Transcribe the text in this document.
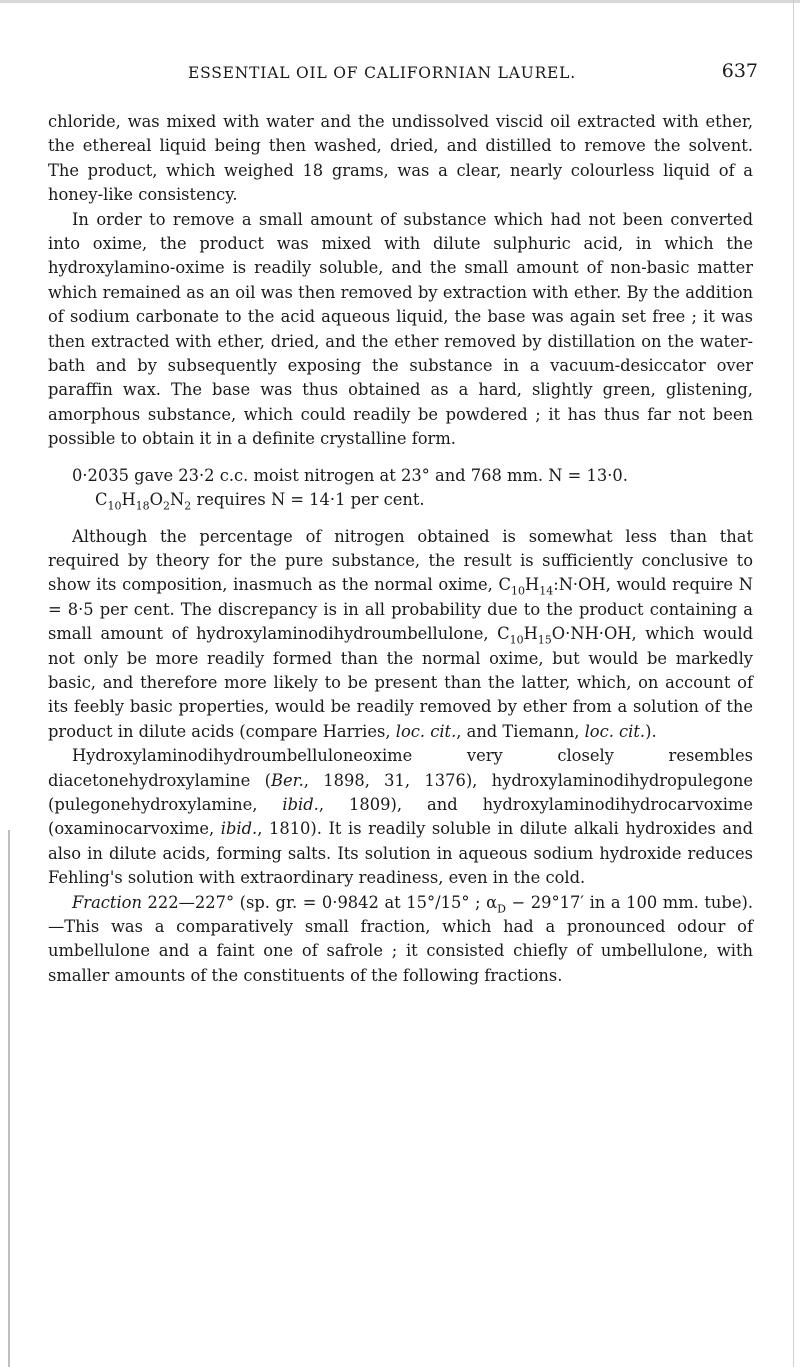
ESSENTIAL OIL OF CALIFORNIAN LAUREL.	637

chloride, was mixed with water and the undissolved viscid oil extracted with ether, the ethereal liquid being then washed, dried, and distilled to remove the solvent. The product, which weighed 18 grams, was a clear, nearly colourless liquid of a honey-like consistency.

In order to remove a small amount of substance which had not been converted into oxime, the product was mixed with dilute sulphuric acid, in which the hydroxylamino-oxime is readily soluble, and the small amount of non-basic matter which remained as an oil was then removed by extraction with ether. By the addition of sodium carbonate to the acid aqueous liquid, the base was again set free ; it was then extracted with ether, dried, and the ether removed by distillation on the water-bath and by subsequently exposing the substance in a vacuum-desiccator over paraffin wax. The base was thus obtained as a hard, slightly green, glistening, amorphous substance, which could readily be powdered ; it has thus far not been possible to obtain it in a definite crystalline form.

0·2035 gave 23·2 c.c. moist nitrogen at 23° and 768 mm. N = 13·0.

$C_{10}H_{18}O_2N_2$ requires N = 14·1 per cent.

Although the percentage of nitrogen obtained is somewhat less than that required by theory for the pure substance, the result is sufficiently conclusive to show its composition, inasmuch as the normal oxime, $C_{10}H_{14}:N\cdot OH$, would require N = 8·5 per cent. The discrepancy is in all probability due to the product containing a small amount of hydroxylaminodihydroumbellulone, $C_{10}H_{15}O\cdot NH\cdot OH$, which would not only be more readily formed than the normal oxime, but would be markedly basic, and therefore more likely to be present than the latter, which, on account of its feebly basic properties, would be readily removed by ether from a solution of the product in dilute acids (compare Harries, loc. cit., and Tiemann, loc. cit.).

Hydroxylaminodihydroumbelluloneoxime very closely resembles diacetonehydroxylamine (Ber., 1898, 31, 1376), hydroxylaminodihydropulegone (pulegonehydroxylamine, ibid., 1809), and hydroxylaminodihydrocarvoxime (oxaminocarvoxime, ibid., 1810). It is readily soluble in dilute alkali hydroxides and also in dilute acids, forming salts. Its solution in aqueous sodium hydroxide reduces Fehling's solution with extraordinary readiness, even in the cold.

Fraction 222—227° (sp. gr. = 0·9842 at 15°/15° ; $\alpha_D - 29^\circ 17'$ in a 100 mm. tube).—This was a comparatively small fraction, which had a pronounced odour of umbellulone and a faint one of safrole ; it consisted chiefly of umbellulone, with smaller amounts of the constituents of the following fractions.
